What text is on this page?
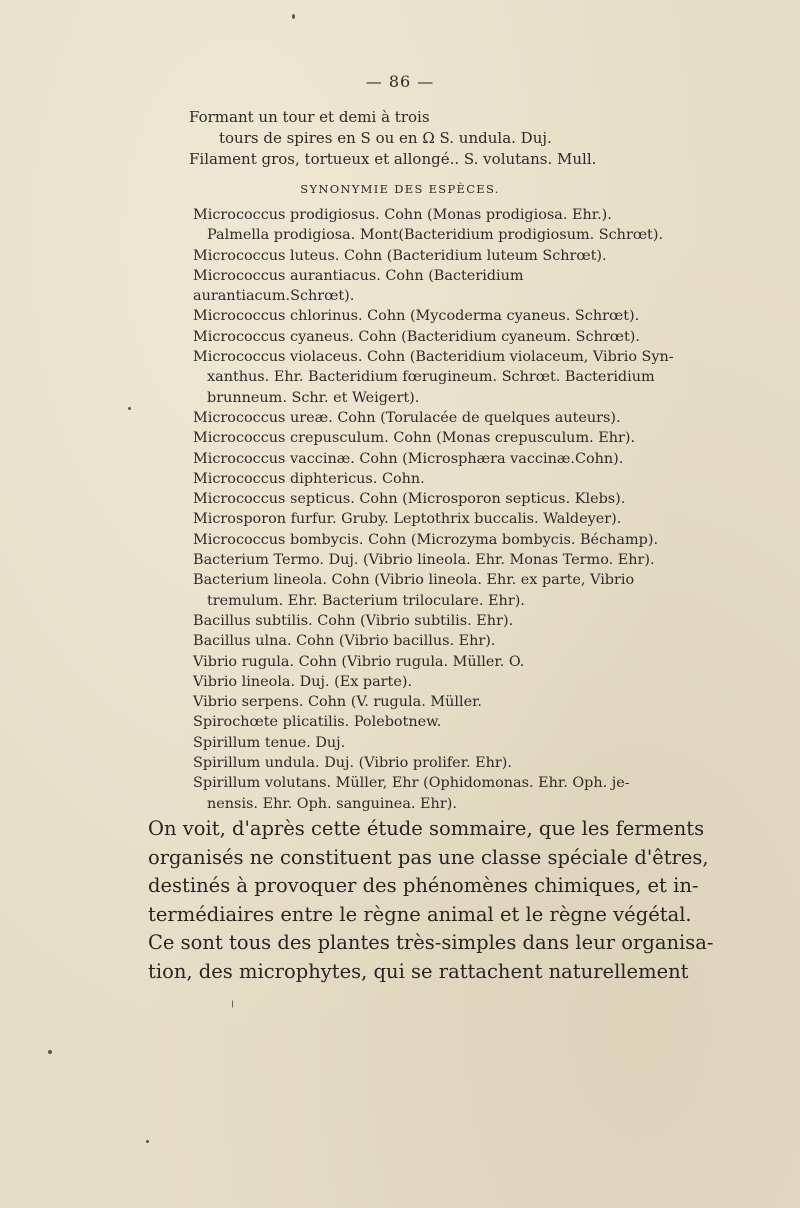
— 86 —
Formant un tour et demi à trois
tours de spires en S ou en Ω S. undula. Duj.
Filament gros, tortueux et allongé.. S. volutans. Mull.
SYNONYMIE DES ESPÈCES.
Micrococcus prodigiosus. Cohn (Monas prodigiosa. Ehr.).
Palmella prodigiosa. Mont(Bacteridium prodigiosum. Schrœt).
Micrococcus luteus. Cohn (Bacteridium luteum Schrœt).
Micrococcus aurantiacus. Cohn (Bacteridium aurantiacum.Schrœt).
Micrococcus chlorinus. Cohn (Mycoderma cyaneus. Schrœt).
Micrococcus cyaneus. Cohn (Bacteridium cyaneum. Schrœt).
Micrococcus violaceus. Cohn (Bacteridium violaceum, Vibrio Syn-
xanthus. Ehr. Bacteridium fœrugineum. Schrœt. Bacteridium
brunneum. Schr. et Weigert).
Micrococcus ureæ. Cohn (Torulacée de quelques auteurs).
Micrococcus crepusculum. Cohn (Monas crepusculum. Ehr).
Micrococcus vaccinæ. Cohn (Microsphæra vaccinæ.Cohn).
Micrococcus diphtericus. Cohn.
Micrococcus septicus. Cohn (Microsporon septicus. Klebs).
Microsporon furfur. Gruby. Leptothrix buccalis. Waldeyer).
Micrococcus bombycis. Cohn (Microzyma bombycis. Béchamp).
Bacterium Termo. Duj. (Vibrio lineola. Ehr. Monas Termo. Ehr).
Bacterium lineola. Cohn (Vibrio lineola. Ehr. ex parte, Vibrio
tremulum. Ehr. Bacterium triloculare. Ehr).
Bacillus subtilis. Cohn (Vibrio subtilis. Ehr).
Bacillus ulna. Cohn (Vibrio bacillus. Ehr).
Vibrio rugula. Cohn (Vibrio rugula. Müller. O.
Vibrio lineola. Duj. (Ex parte).
Vibrio serpens. Cohn (V. rugula. Müller.
Spirochœte plicatilis. Polebotnew.
Spirillum tenue. Duj.
Spirillum undula. Duj. (Vibrio prolifer. Ehr).
Spirillum volutans. Müller, Ehr (Ophidomonas. Ehr. Oph. je-
nensis. Ehr. Oph. sanguinea. Ehr).
On voit, d'après cette étude sommaire, que les ferments
organisés ne constituent pas une classe spéciale d'êtres,
destinés à provoquer des phénomènes chimiques, et in-
termédiaires entre le règne animal et le règne végétal.
Ce sont tous des plantes très-simples dans leur organisa-
tion, des microphytes, qui se rattachent naturellement
